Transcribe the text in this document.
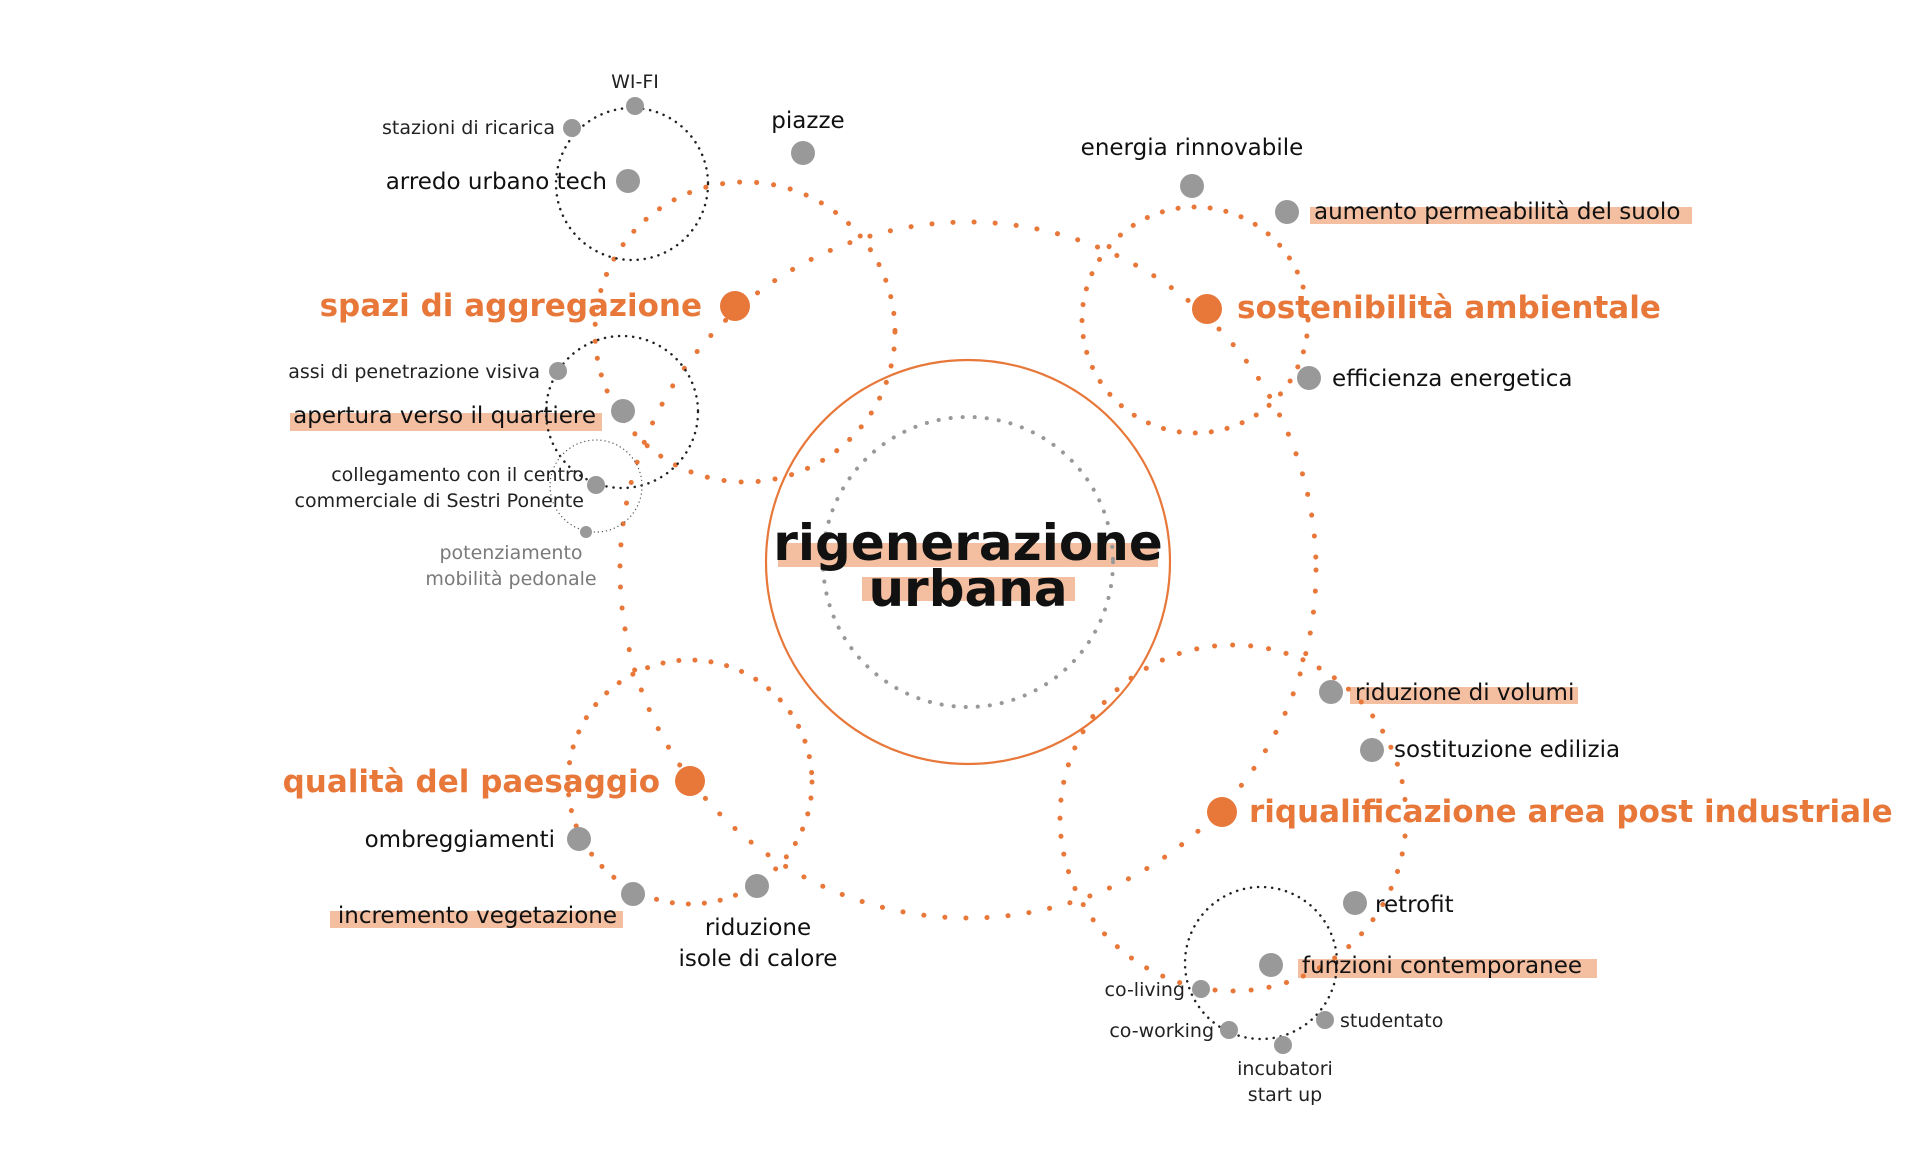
rigenerazione
urbana
spazi di aggregazione	sostenibilità ambientale
qualità del paesaggio
riqualificazione area post industriale
WI-FI
piazze
stazioni di ricarica
arredo urbano tech
assi di penetrazione visiva
apertura verso il quartiere
collegamento con il centro
commerciale di Sestri Ponente
potenziamento
mobilità pedonale
energia rinnovabile
aumento permeabilità del suolo
efficienza energetica
ombreggiamenti
incremento vegetazione	riduzione
isole di calore
riduzione di volumi
sostituzione edilizia
retrofit
funzioni contemporanee
co-living
co-working	studentato
incubatori
start up
